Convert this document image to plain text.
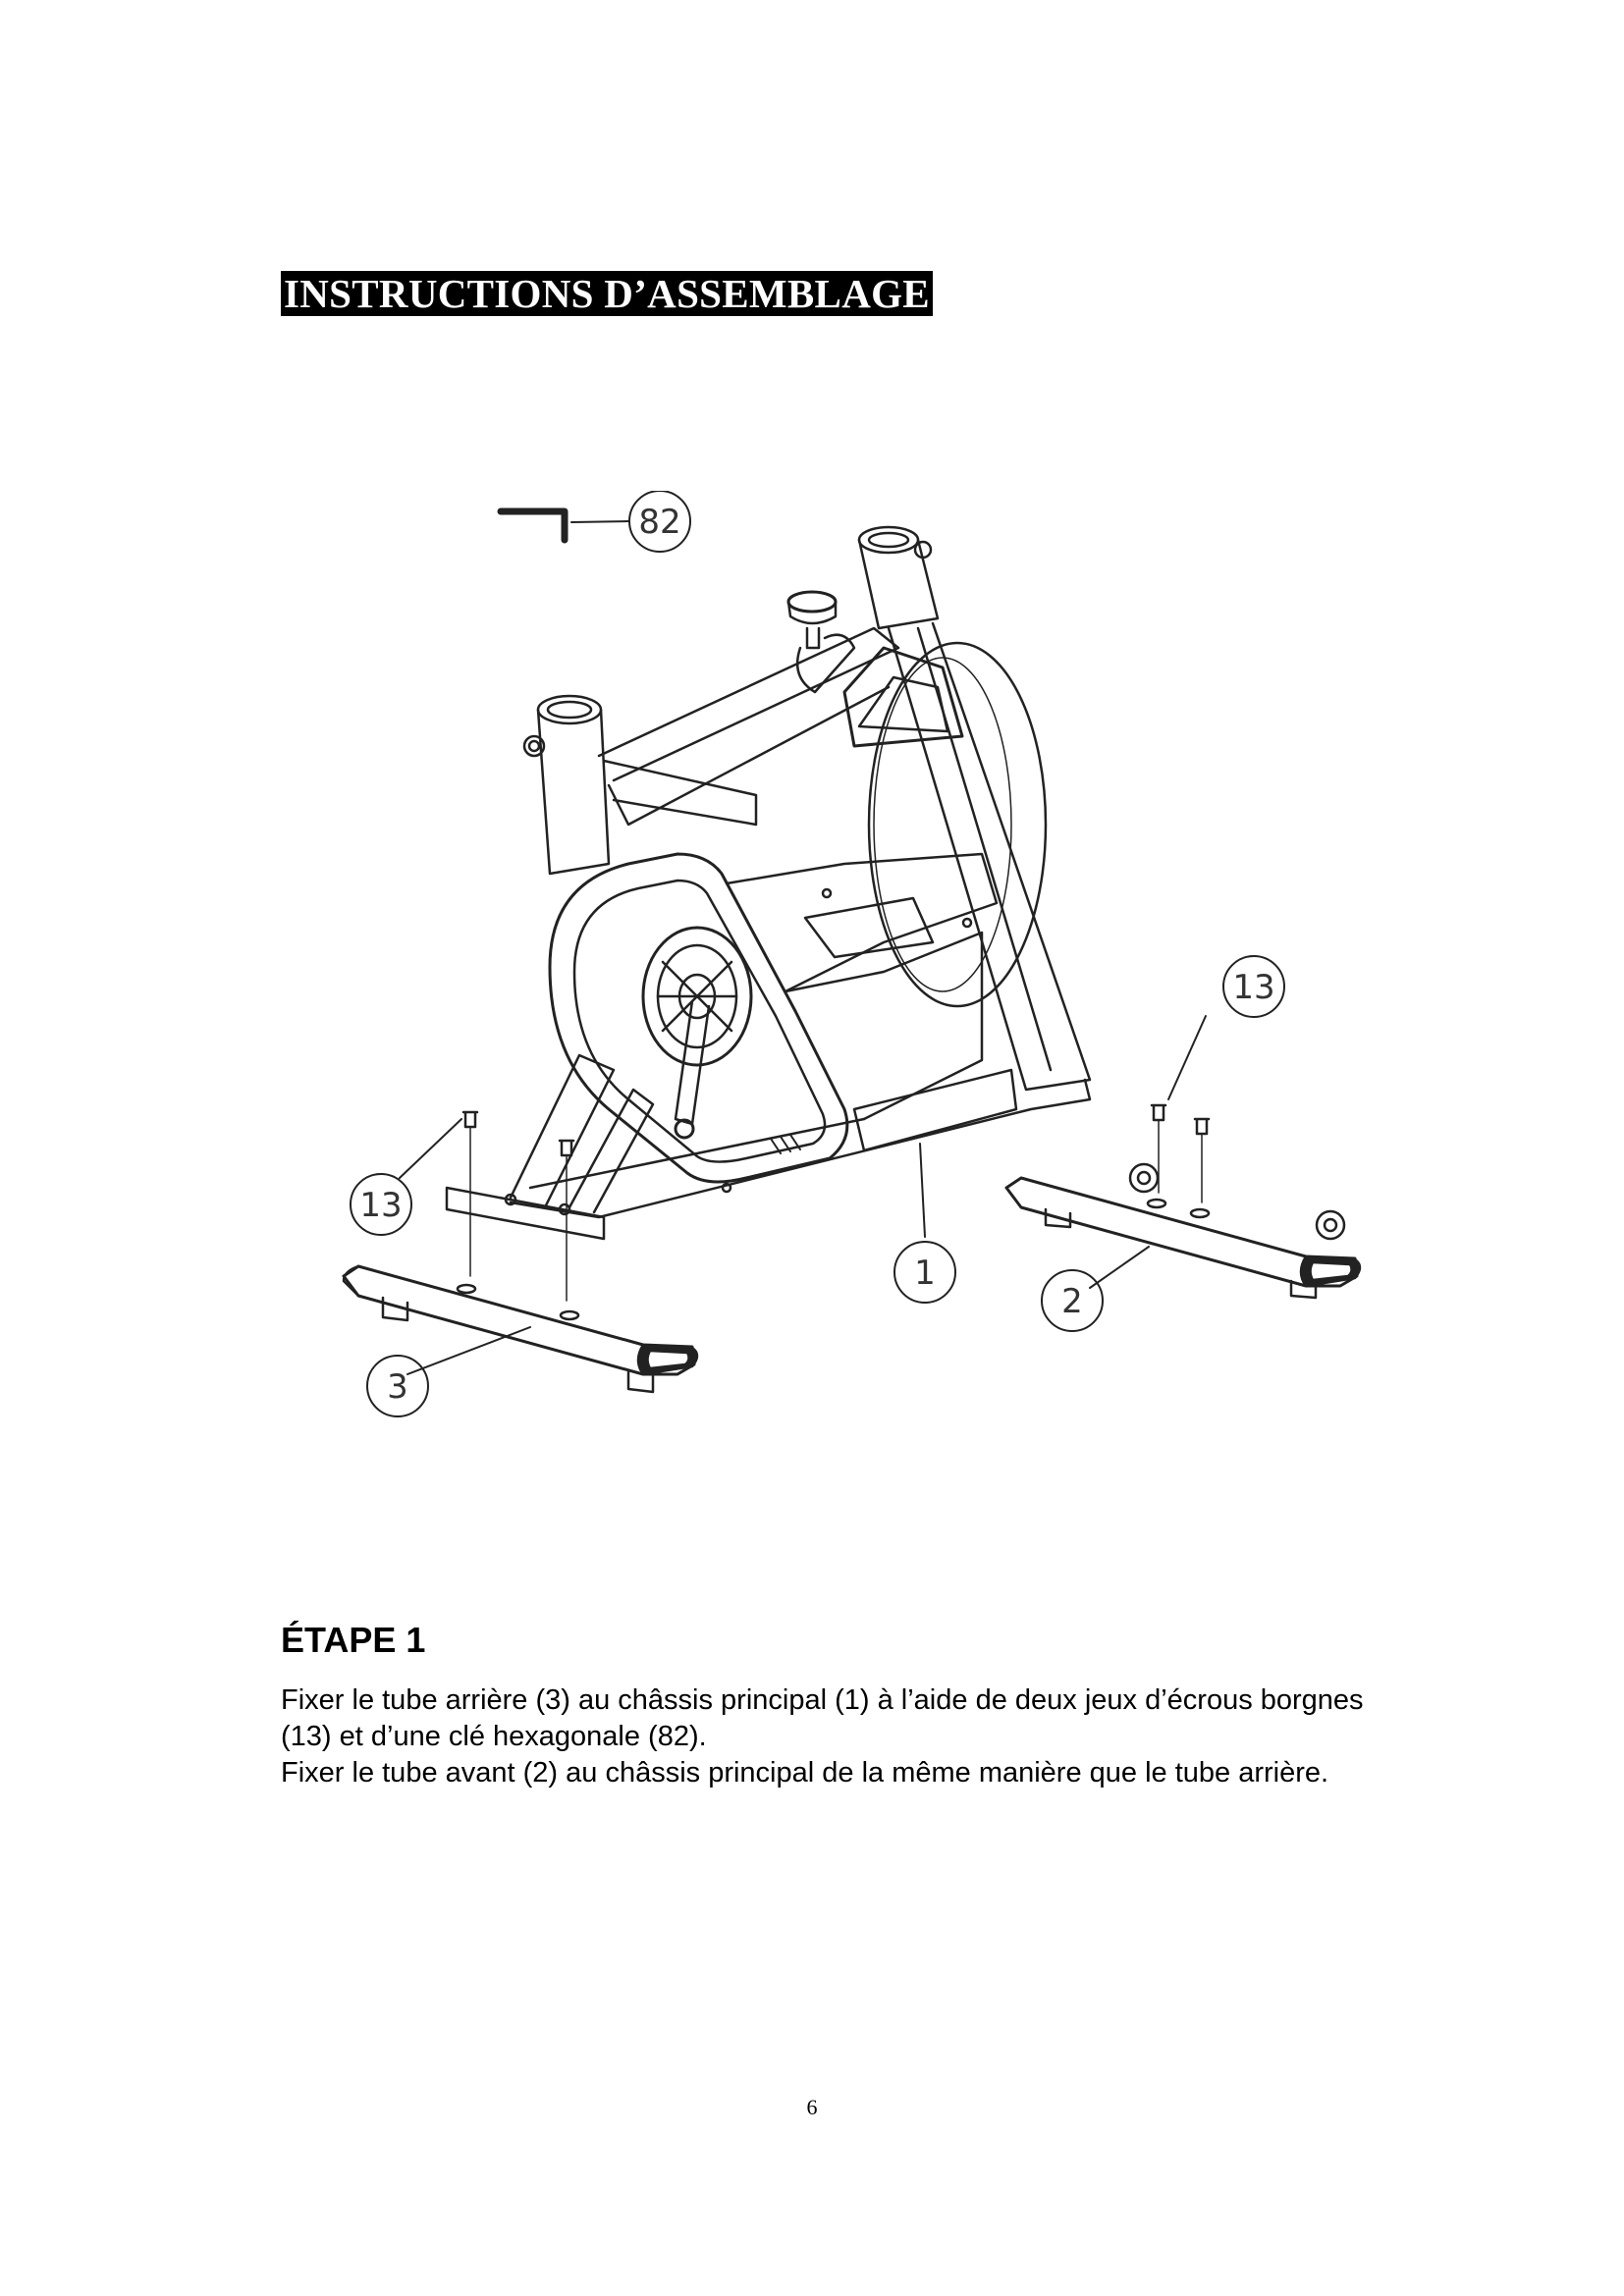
INSTRUCTIONS D’ASSEMBLAGE
82
13
13
1
2
3
ÉTAPE 1

Fixer le tube arrière (3) au châssis principal (1) à l’aide de deux jeux d’écrous borgnes (13) et d’une clé hexagonale (82).

Fixer le tube avant (2) au châssis principal de la même manière que le tube arrière.

6
